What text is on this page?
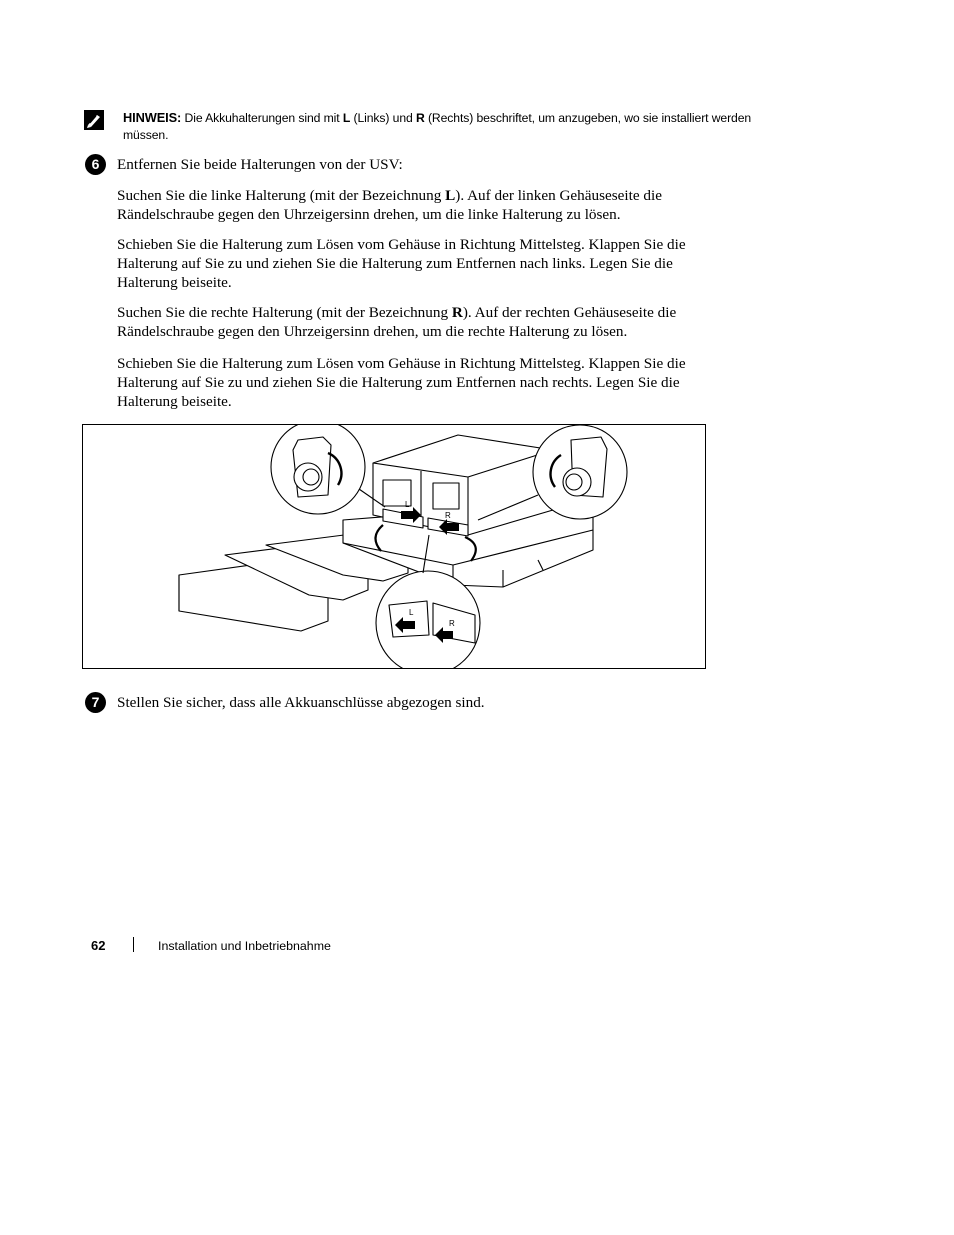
HINWEIS: Die Akkuhalterungen sind mit L (Links) und R (Rechts) beschriftet, um anzugeben, wo sie installiert werden müssen.
6	Entfernen Sie beide Halterungen von der USV:
Suchen Sie die linke Halterung (mit der Bezeichnung L). Auf der linken Gehäuseseite die Rändelschraube gegen den Uhrzeigersinn drehen, um die linke Halterung zu lösen.
Schieben Sie die Halterung zum Lösen vom Gehäuse in Richtung Mittelsteg. Klappen Sie die Halterung auf Sie zu und ziehen Sie die Halterung zum Entfernen nach links. Legen Sie die Halterung beiseite.
Suchen Sie die rechte Halterung (mit der Bezeichnung R). Auf der rechten Gehäuseseite die Rändelschraube gegen den Uhrzeigersinn drehen, um die rechte Halterung zu lösen.
Schieben Sie die Halterung zum Lösen vom Gehäuse in Richtung Mittelsteg. Klappen Sie die Halterung auf Sie zu und ziehen Sie die Halterung zum Entfernen nach rechts. Legen Sie die Halterung beiseite.
L
R
L
R
7	Stellen Sie sicher, dass alle Akkuanschlüsse abgezogen sind.
62	Installation und Inbetriebnahme
